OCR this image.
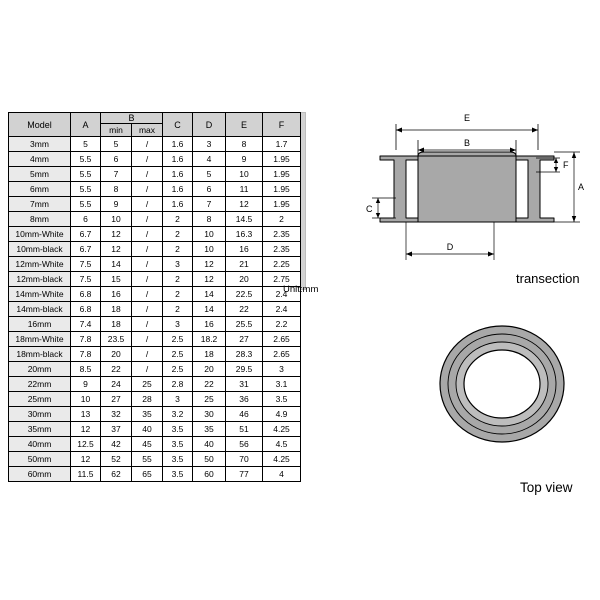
Model	A	B		C	D	E	F
		min	max				
3mm	5	5	/	1.6	3	8	1.7
4mm	5.5	6	/	1.6	4	9	1.95
5mm	5.5	7	/	1.6	5	10	1.95
6mm	5.5	8	/	1.6	6	11	1.95
7mm	5.5	9	/	1.6	7	12	1.95
8mm	6	10	/	2	8	14.5	2
10mm-White	6.7	12	/	2	10	16.3	2.35
10mm-black	6.7	12	/	2	10	16	2.35
12mm-White	7.5	14	/	3	12	21	2.25
12mm-black	7.5	15	/	2	12	20	2.75
14mm-White	6.8	16	/	2	14	22.5	2.4
14mm-black	6.8	18	/	2	14	22	2.4
16mm	7.4	18	/	3	16	25.5	2.2
18mm-White	7.8	23.5	/	2.5	18.2	27	2.65
18mm-black	7.8	20	/	2.5	18	28.3	2.65
20mm	8.5	22	/	2.5	20	29.5	3
22mm	9	24	25	2.8	22	31	3.1
25mm	10	27	28	3	25	36	3.5
30mm	13	32	35	3.2	30	46	4.9
35mm	12	37	40	3.5	35	51	4.25
40mm	12.5	42	45	3.5	40	56	4.5
50mm	12	52	55	3.5	50	70	4.25
60mm	11.5	62	65	3.5	60	77	4
Unit:mm
E
B
F
A
C
D
transection
Top view
